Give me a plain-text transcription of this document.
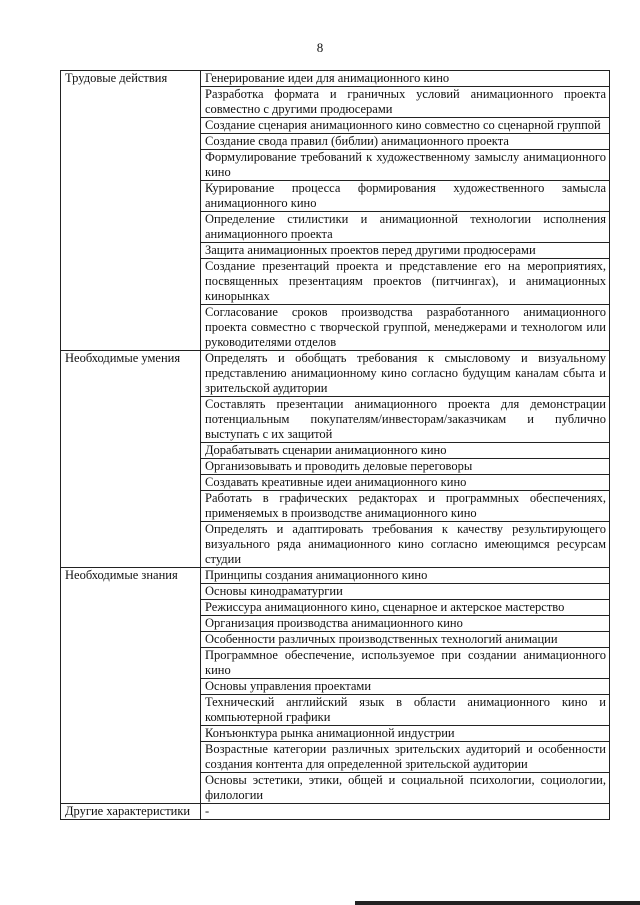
8
Трудовые действия	Генерирование идеи для анимационного кино
	Разработка формата и граничных условий анимационного проекта совместно с другими продюсерами
	Создание сценария анимационного кино совместно со сценарной группой
	Создание свода правил (библии) анимационного проекта
	Формулирование требований к художественному замыслу анимационного кино
	Курирование процесса формирования художественного замысла анимационного кино
	Определение стилистики и анимационной технологии исполнения анимационного проекта
	Защита анимационных проектов перед другими продюсерами
	Создание презентаций проекта и представление его на мероприятиях, посвященных презентациям проектов (питчингах), и анимационных кинорынках
	Согласование сроков производства разработанного анимационного проекта совместно с творческой группой, менеджерами и технологом или руководителями отделов
Необходимые умения	Определять и обобщать требования к смысловому и визуальному представлению анимационному кино согласно будущим каналам сбыта и зрительской аудитории
	Составлять презентации анимационного проекта для демонстрации потенциальным покупателям/инвесторам/заказчикам и публично выступать с их защитой
	Дорабатывать сценарии анимационного кино
	Организовывать и проводить деловые переговоры
	Создавать креативные идеи анимационного кино
	Работать в графических редакторах и программных обеспечениях, применяемых в производстве анимационного кино
	Определять и адаптировать требования к качеству результирующего визуального ряда анимационного кино согласно имеющимся ресурсам студии
Необходимые знания	Принципы создания анимационного кино
	Основы кинодраматургии
	Режиссура анимационного кино, сценарное и актерское мастерство
	Организация производства анимационного кино
	Особенности различных производственных технологий анимации
	Программное обеспечение, используемое при создании анимационного кино
	Основы управления проектами
	Технический английский язык в области анимационного кино и компьютерной графики
	Конъюнктура рынка анимационной индустрии
	Возрастные категории различных зрительских аудиторий и особенности создания контента для определенной зрительской аудитории
	Основы эстетики, этики, общей и социальной психологии, социологии, филологии
Другие характеристики	-
